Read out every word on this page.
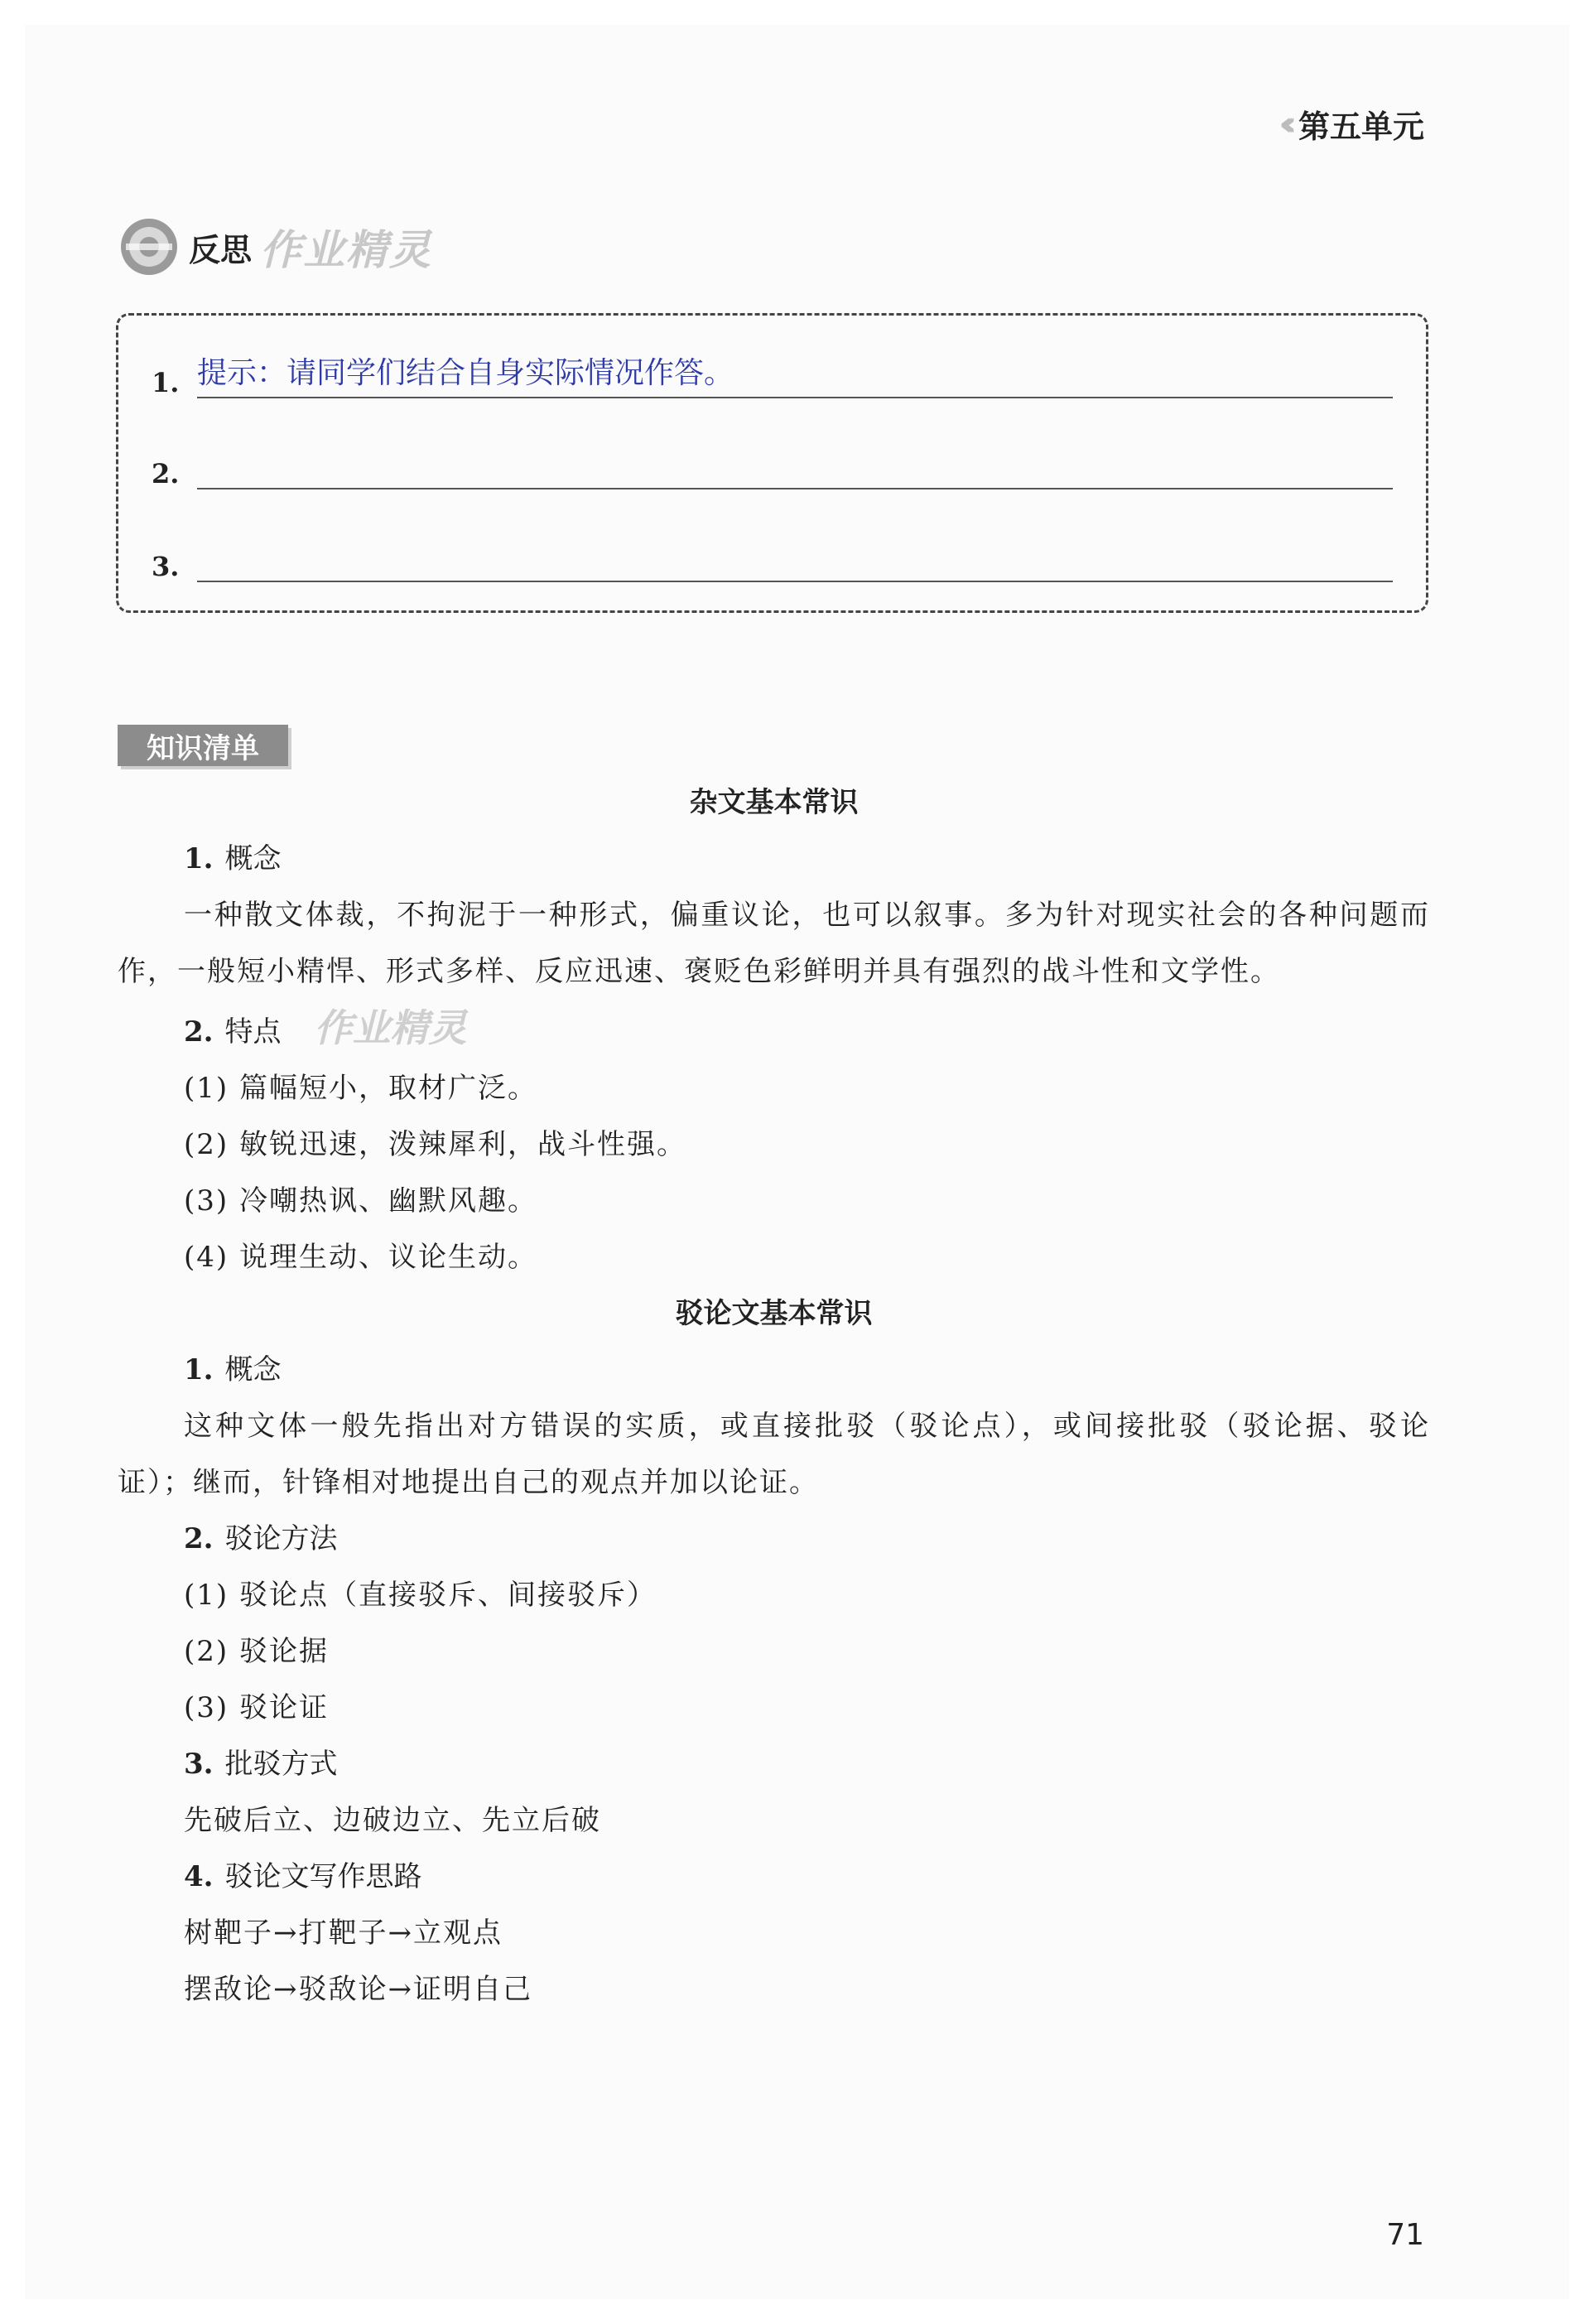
‹‹‹ 第五单元
反思 作业精灵
1. 提示：请同学们结合自身实际情况作答。
2.
3.
知识清单

杂文基本常识

1. 概念

一种散文体裁，不拘泥于一种形式，偏重议论，也可以叙事。多为针对现实社会的各种问题而作，一般短小精悍、形式多样、反应迅速、褒贬色彩鲜明并具有强烈的战斗性和文学性。

2. 特点 作业精灵

(1) 篇幅短小，取材广泛。

(2) 敏锐迅速，泼辣犀利，战斗性强。

(3) 冷嘲热讽、幽默风趣。

(4) 说理生动、议论生动。

驳论文基本常识

1. 概念

这种文体一般先指出对方错误的实质，或直接批驳（驳论点），或间接批驳（驳论据、驳论证）；继而，针锋相对地提出自己的观点并加以论证。

2. 驳论方法

(1) 驳论点（直接驳斥、间接驳斥）

(2) 驳论据

(3) 驳论证

3. 批驳方式

先破后立、边破边立、先立后破

4. 驳论文写作思路

树靶子→打靶子→立观点

摆敌论→驳敌论→证明自己

71
